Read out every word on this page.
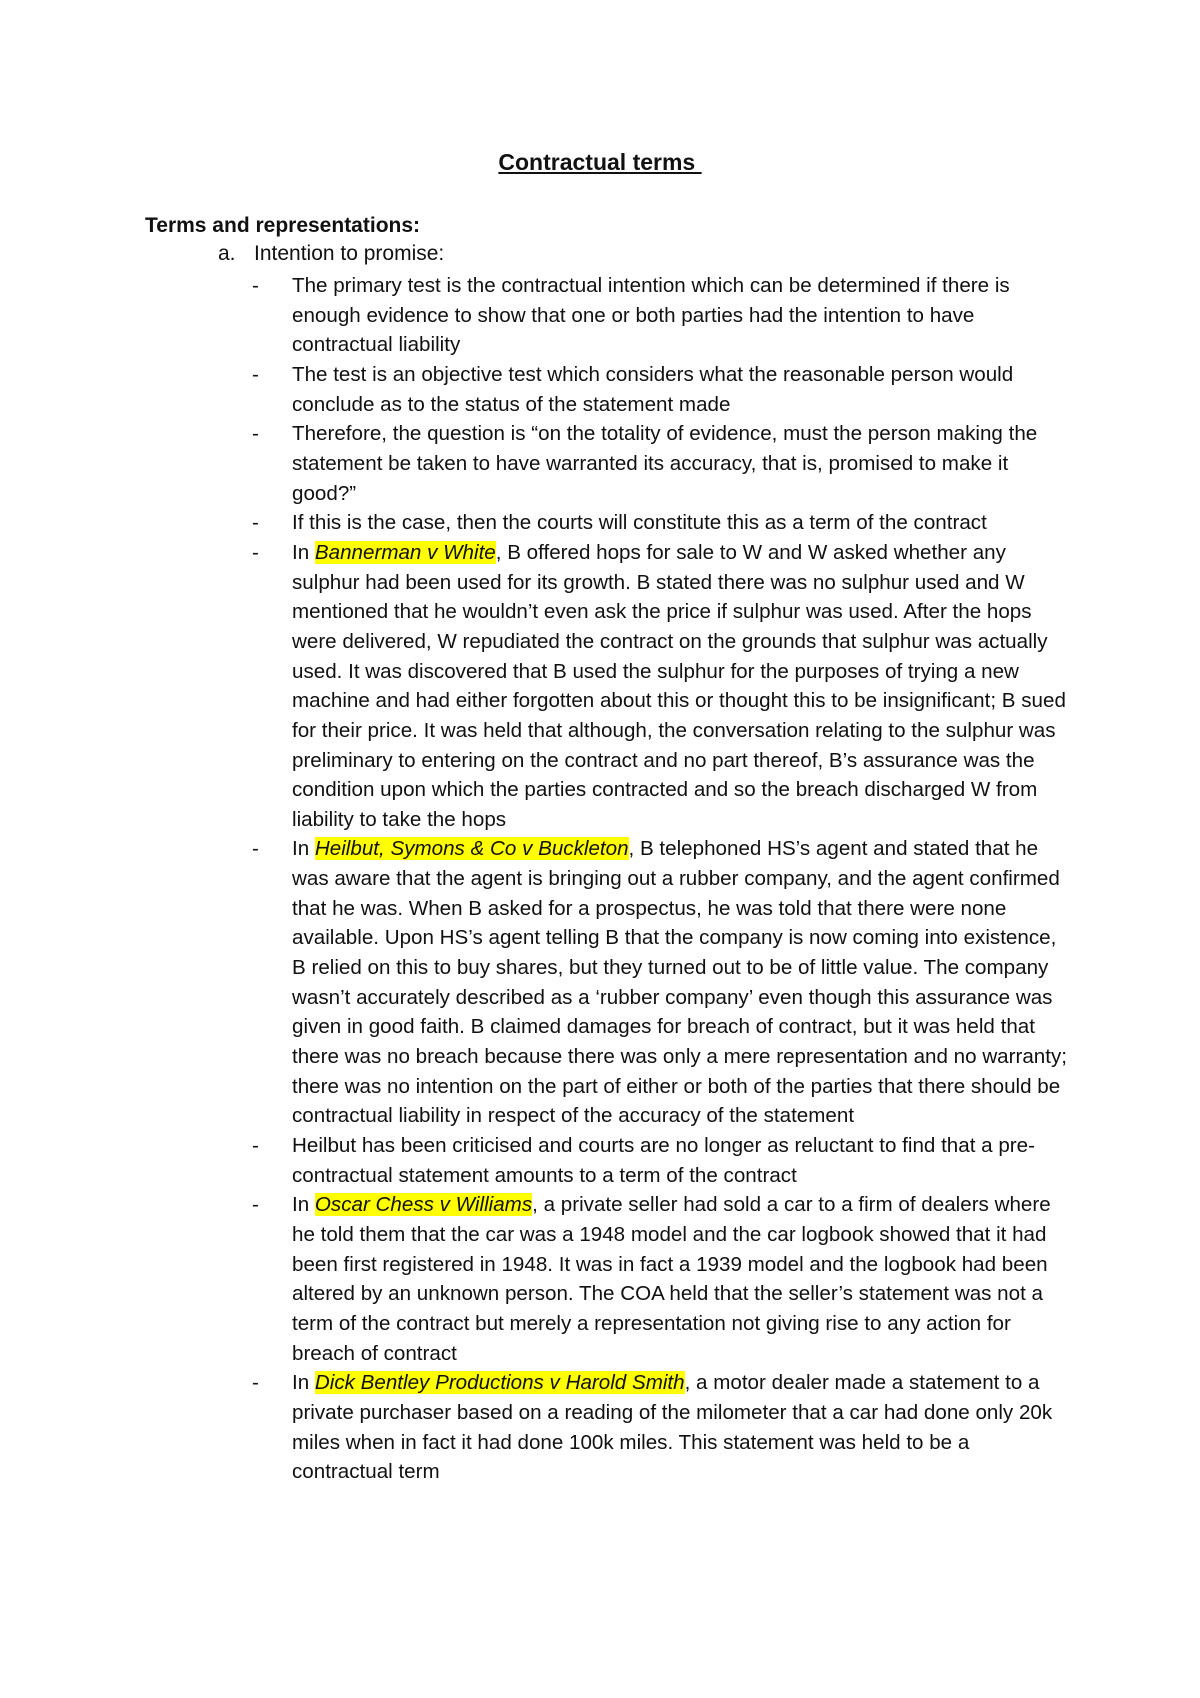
Contractual terms
Terms and representations:
a. Intention to promise:
- The primary test is the contractual intention which can be determined if there is enough evidence to show that one or both parties had the intention to have contractual liability
- The test is an objective test which considers what the reasonable person would conclude as to the status of the statement made
- Therefore, the question is “on the totality of evidence, must the person making the statement be taken to have warranted its accuracy, that is, promised to make it good?”
- If this is the case, then the courts will constitute this as a term of the contract
- In Bannerman v White, B offered hops for sale to W and W asked whether any sulphur had been used for its growth. B stated there was no sulphur used and W mentioned that he wouldn’t even ask the price if sulphur was used. After the hops were delivered, W repudiated the contract on the grounds that sulphur was actually used. It was discovered that B used the sulphur for the purposes of trying a new machine and had either forgotten about this or thought this to be insignificant; B sued for their price. It was held that although, the conversation relating to the sulphur was preliminary to entering on the contract and no part thereof, B’s assurance was the condition upon which the parties contracted and so the breach discharged W from liability to take the hops
- In Heilbut, Symons & Co v Buckleton, B telephoned HS’s agent and stated that he was aware that the agent is bringing out a rubber company, and the agent confirmed that he was. When B asked for a prospectus, he was told that there were none available. Upon HS’s agent telling B that the company is now coming into existence, B relied on this to buy shares, but they turned out to be of little value. The company wasn’t accurately described as a ‘rubber company’ even though this assurance was given in good faith. B claimed damages for breach of contract, but it was held that there was no breach because there was only a mere representation and no warranty; there was no intention on the part of either or both of the parties that there should be contractual liability in respect of the accuracy of the statement
- Heilbut has been criticised and courts are no longer as reluctant to find that a pre-contractual statement amounts to a term of the contract
- In Oscar Chess v Williams, a private seller had sold a car to a firm of dealers where he told them that the car was a 1948 model and the car logbook showed that it had been first registered in 1948. It was in fact a 1939 model and the logbook had been altered by an unknown person. The COA held that the seller’s statement was not a term of the contract but merely a representation not giving rise to any action for breach of contract
- In Dick Bentley Productions v Harold Smith, a motor dealer made a statement to a private purchaser based on a reading of the milometer that a car had done only 20k miles when in fact it had done 100k miles. This statement was held to be a contractual term
